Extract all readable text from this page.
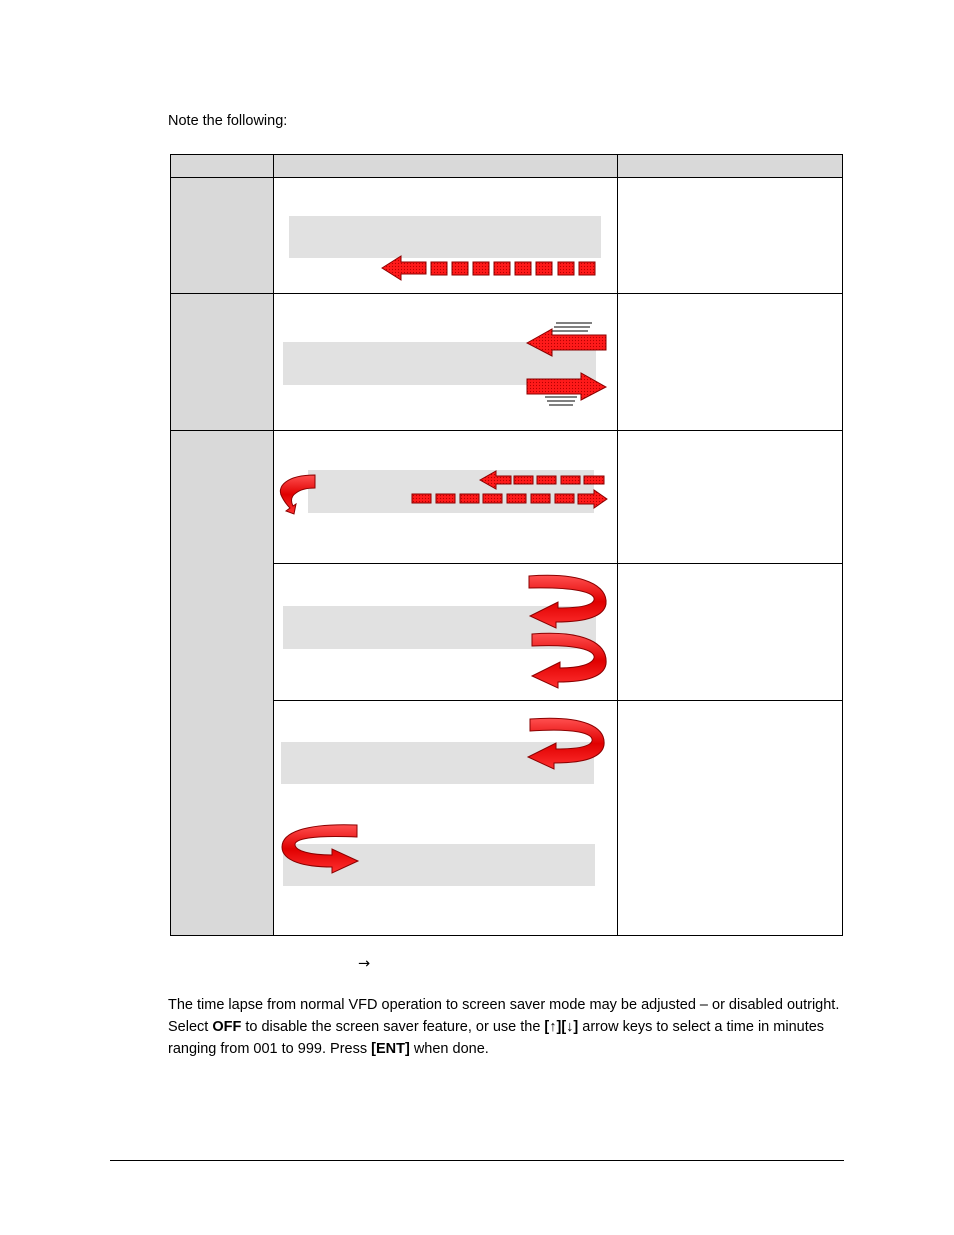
Note the following:

→

The time lapse from normal VFD operation to screen saver mode may be adjusted – or disabled outright. Select OFF to disable the screen saver feature, or use the [↑][↓] arrow keys to select a time in minutes ranging from 001 to 999. Press [ENT] when done.
